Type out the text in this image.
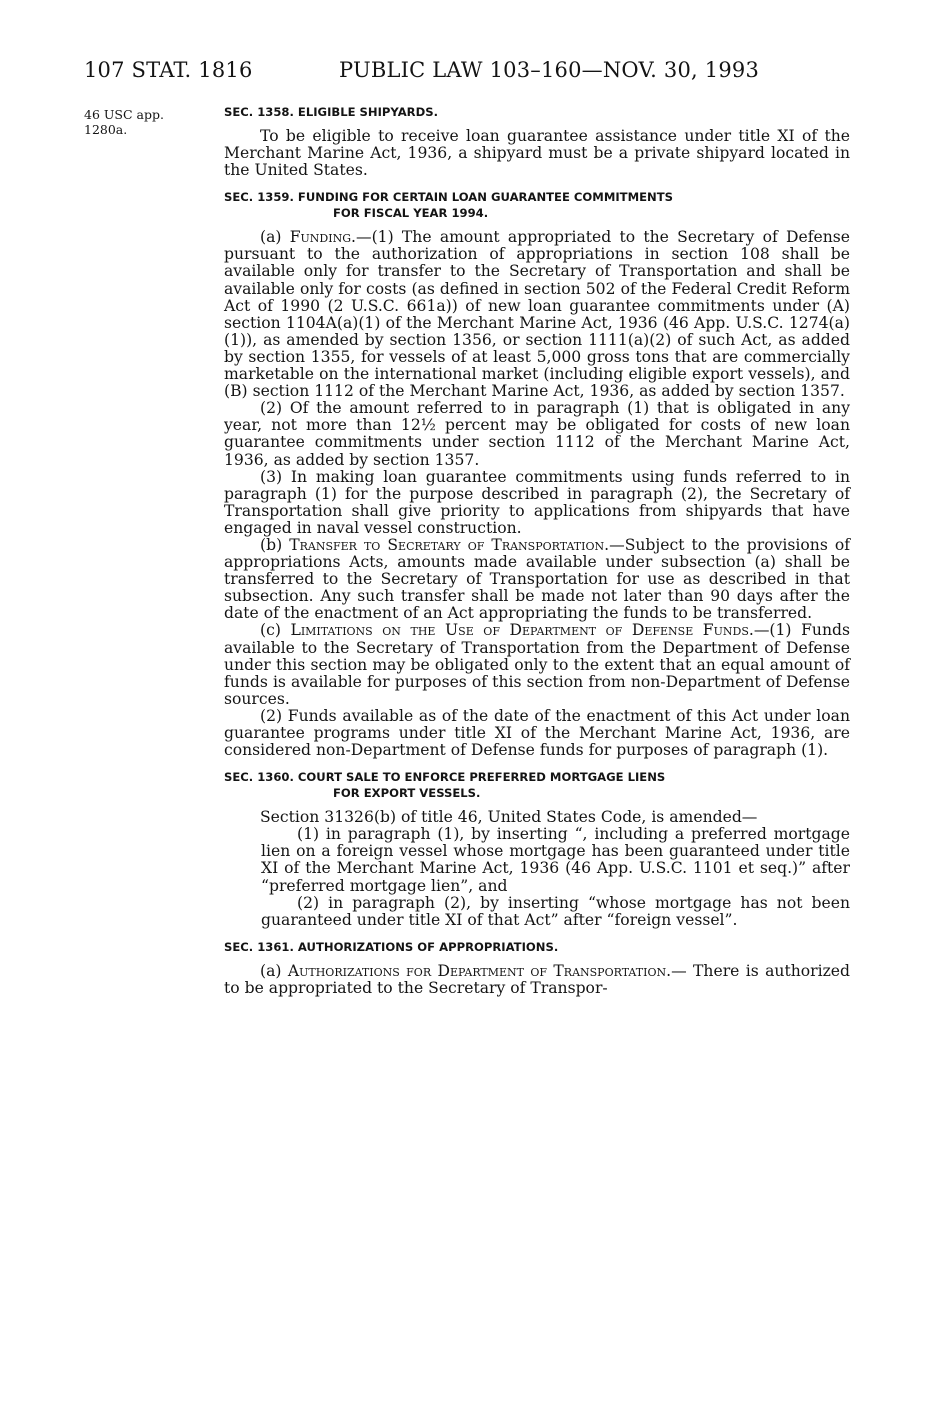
107 STAT. 1816	PUBLIC LAW 103–160—NOV. 30, 1993
46 USC app.
1280a.

SEC. 1358. ELIGIBLE SHIPYARDS.

To be eligible to receive loan guarantee assistance under title XI of the Merchant Marine Act, 1936, a shipyard must be a private shipyard located in the United States.

SEC. 1359. FUNDING FOR CERTAIN LOAN GUARANTEE COMMITMENTS
FOR FISCAL YEAR 1994.

(a) Funding.—(1) The amount appropriated to the Secretary of Defense pursuant to the authorization of appropriations in section 108 shall be available only for transfer to the Secretary of Transportation and shall be available only for costs (as defined in section 502 of the Federal Credit Reform Act of 1990 (2 U.S.C. 661a)) of new loan guarantee commitments under (A) section 1104A(a)(1) of the Merchant Marine Act, 1936 (46 App. U.S.C. 1274(a)(1)), as amended by section 1356, or section 1111(a)(2) of such Act, as added by section 1355, for vessels of at least 5,000 gross tons that are commercially marketable on the international market (including eligible export vessels), and (B) section 1112 of the Merchant Marine Act, 1936, as added by section 1357.

(2) Of the amount referred to in paragraph (1) that is obligated in any year, not more than 12½ percent may be obligated for costs of new loan guarantee commitments under section 1112 of the Merchant Marine Act, 1936, as added by section 1357.

(3) In making loan guarantee commitments using funds referred to in paragraph (1) for the purpose described in paragraph (2), the Secretary of Transportation shall give priority to applications from shipyards that have engaged in naval vessel construction.

(b) Transfer to Secretary of Transportation.—Subject to the provisions of appropriations Acts, amounts made available under subsection (a) shall be transferred to the Secretary of Transportation for use as described in that subsection. Any such transfer shall be made not later than 90 days after the date of the enactment of an Act appropriating the funds to be transferred.

(c) Limitations on the Use of Department of Defense Funds.—(1) Funds available to the Secretary of Transportation from the Department of Defense under this section may be obligated only to the extent that an equal amount of funds is available for purposes of this section from non-Department of Defense sources.

(2) Funds available as of the date of the enactment of this Act under loan guarantee programs under title XI of the Merchant Marine Act, 1936, are considered non-Department of Defense funds for purposes of paragraph (1).

SEC. 1360. COURT SALE TO ENFORCE PREFERRED MORTGAGE LIENS
FOR EXPORT VESSELS.

Section 31326(b) of title 46, United States Code, is amended—

(1) in paragraph (1), by inserting “, including a preferred mortgage lien on a foreign vessel whose mortgage has been guaranteed under title XI of the Merchant Marine Act, 1936 (46 App. U.S.C. 1101 et seq.)” after “preferred mortgage lien”, and
(2) in paragraph (2), by inserting “whose mortgage has not been guaranteed under title XI of that Act” after “foreign vessel”.

SEC. 1361. AUTHORIZATIONS OF APPROPRIATIONS.

(a) Authorizations for Department of Transportation.— There is authorized to be appropriated to the Secretary of Transpor-
